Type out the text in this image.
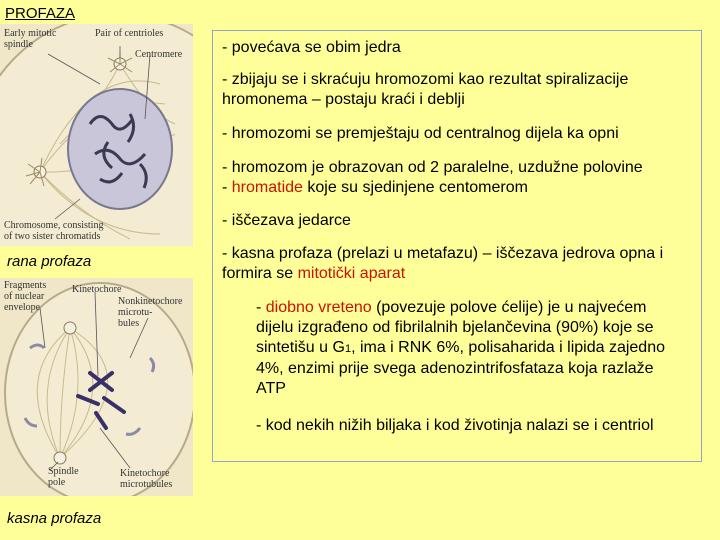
PROFAZA
Early mitotic
spindle
Pair of centrioles
Centromere
Chromosome, consisting
of two sister chromatids
rana profaza
Fragments
of nuclear
envelope
Kinetochore
Nonkinetochore
microtu-
bules
Spindle
pole
Kinetochore
microtubules
kasna profaza
- povećava se obim jedra
- zbijaju se i skraćuju hromozomi kao rezultat spiralizacije hromonema – postaju kraći i deblji
- hromozomi se premještaju od centralnog dijela ka opni
- hromozom je obrazovan od 2 paralelne, uzdužne polovine
- hromatide koje su sjedinjene centomerom
- iščezava jedarce
- kasna profaza (prelazi u metafazu) – iščezava jedrova opna i formira se mitotički aparat
- diobno vreteno (povezuje polove ćelije) je u najvećem dijelu izgrađeno od fibrilalnih bjelančevina (90%) koje se sintetišu u G1, ima i RNK 6%, polisaharida i lipida zajedno 4%, enzimi prije svega adenozintrifosfataza koja razlaže ATP
- kod nekih nižih biljaka i kod životinja nalazi se i centriol
